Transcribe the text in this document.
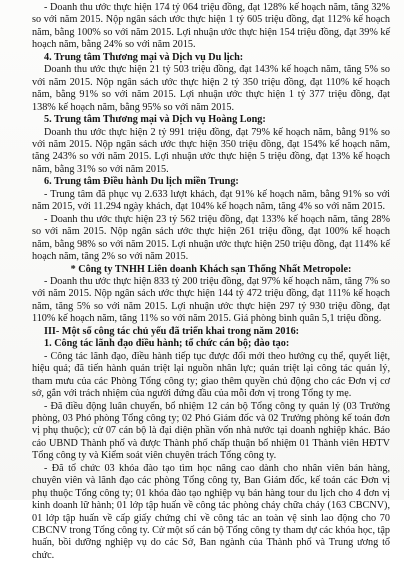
- Doanh thu ước thực hiện 174 tỷ 064 triệu đồng, đạt 128% kế hoạch năm, tăng 32% so với năm 2015. Nộp ngân sách ước thực hiện 1 tỷ 605 triệu đồng, đạt 112% kế hoạch năm, bằng 100% so với năm 2015. Lợi nhuận ước thực hiện 154 triệu đồng, đạt 39% kế hoạch năm, bằng 24% so với năm 2015.

4. Trung tâm Thương mại và Dịch vụ Du lịch:

Doanh thu ước thực hiện 21 tỷ 503 triệu đồng, đạt 143% kế hoạch năm, tăng 5% so với năm 2015. Nộp ngân sách ước thực hiện 2 tỷ 350 triệu đồng, đạt 110% kế hoạch năm, bằng 91% so với năm 2015. Lợi nhuận ước thực hiện 1 tỷ 377 triệu đồng, đạt 138% kế hoạch năm, bằng 95% so với năm 2015.

5. Trung tâm Thương mại và Dịch vụ Hoàng Long:

Doanh thu ước thực hiện 2 tỷ 991 triệu đồng, đạt 79% kế hoạch năm, bằng 91% so với năm 2015. Nộp ngân sách ước thực hiện 350 triệu đồng, đạt 154% kế hoạch năm, tăng 243% so với năm 2015. Lợi nhuận ước thực hiện 5 triệu đồng, đạt 13% kế hoạch năm, bằng 31% so với năm 2015.

6. Trung tâm Điều hành Du lịch miền Trung:

- Trung tâm đã phục vụ 2.633 lượt khách, đạt 91% kế hoạch năm, bằng 91% so với năm 2015, với 11.294 ngày khách, đạt 104% kế hoạch năm, tăng 4% so với năm 2015.

- Doanh thu ước thực hiện 23 tỷ 562 triệu đồng, đạt 133% kế hoạch năm, tăng 28% so với năm 2015. Nộp ngân sách ước thực hiện 261 triệu đồng, đạt 100% kế hoạch năm, bằng 98% so với năm 2015. Lợi nhuận ước thực hiện 250 triệu đồng, đạt 114% kế hoạch năm, tăng 2% so với năm 2015.

* Công ty TNHH Liên doanh Khách sạn Thống Nhất Metropole:

- Doanh thu ước thực hiện 833 tỷ 200 triệu đồng, đạt 97% kế hoạch năm, tăng 7% so với năm 2015. Nộp ngân sách ước thực hiện 144 tỷ 472 triệu đồng, đạt 111% kế hoạch năm, tăng 5% so với năm 2015. Lợi nhuận ước thực hiện 297 tỷ 930 triệu đồng, đạt 110% kế hoạch năm, tăng 11% so với năm 2015. Giá phòng bình quân 5,1 triệu đồng.

III- Một số công tác chủ yếu đã triển khai trong năm 2016:

1. Công tác lãnh đạo điều hành; tổ chức cán bộ; đào tạo:

- Công tác lãnh đạo, điều hành tiếp tục được đổi mới theo hướng cụ thể, quyết liệt, hiệu quả; đã tiến hành quán triệt lại nguồn nhân lực; quán triệt lại công tác quản lý, tham mưu của các Phòng Tổng công ty; giao thêm quyền chủ động cho các Đơn vị cơ sở, gắn với trách nhiệm của người đứng đầu của mỗi đơn vị trong Tổng ty mẹ.

- Đã điều động luân chuyển, bổ nhiệm 12 cán bộ Tổng công ty quản lý (03 Trưởng phòng, 03 Phó phòng Tổng công ty; 02 Phó Giám đốc và 02 Trưởng phòng kế toán đơn vị phụ thuộc); cử 07 cán bộ là đại diện phần vốn nhà nước tại doanh nghiệp khác. Báo cáo UBND Thành phố và được Thành phố chấp thuận bổ nhiệm 01 Thành viên HĐTV Tổng công ty và Kiểm soát viên chuyên trách Tổng công ty.

- Đã tổ chức 03 khóa đào tạo tìm học nâng cao dành cho nhân viên bán hàng, chuyên viên và lãnh đạo các phòng Tổng công ty, Ban Giám đốc, kế toán các Đơn vị phụ thuộc Tổng công ty; 01 khóa đào tạo nghiệp vụ bán hàng tour du lịch cho 4 đơn vị kinh doanh lữ hành; 01 lớp tập huấn về công tác phòng cháy chữa cháy (163 CBCNV), 01 lớp tập huấn về cấp giấy chứng chỉ về công tác an toàn vệ sinh lao động cho 70 CBCNV trong Tổng công ty. Cử một số cán bộ Tổng công ty tham dự các khóa học, tập huấn, bồi dưỡng nghiệp vụ do các Sở, Ban ngành của Thành phố và Trung ương tổ chức.
